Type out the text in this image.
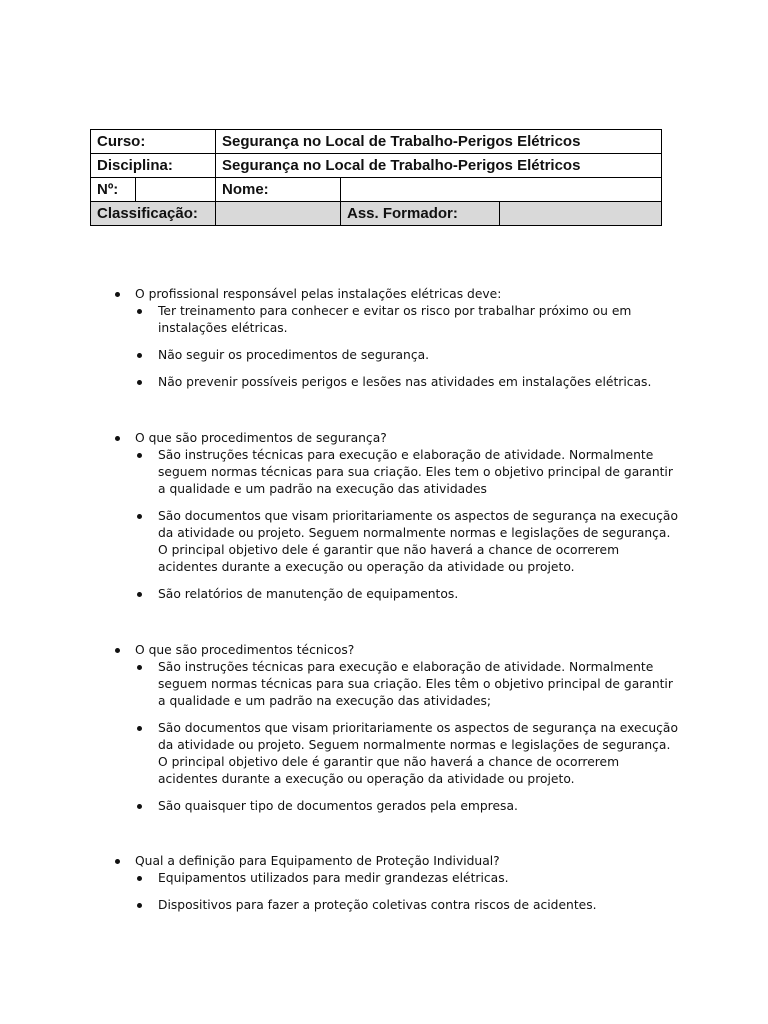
Curso:		Segurança no Local de Trabalho-Perigos Elétricos		
Disciplina:		Segurança no Local de Trabalho-Perigos Elétricos		
Nº:		Nome:		
Classificação:			Ass. Formador:	
O profissional responsável pelas instalações elétricas deve:
Ter treinamento para conhecer e evitar os risco por trabalhar próximo ou em instalações elétricas.
Não seguir os procedimentos de segurança.
Não prevenir possíveis perigos e lesões nas atividades em instalações elétricas.
O que são procedimentos de segurança?
São instruções técnicas para execução e elaboração de atividade. Normalmente seguem normas técnicas para sua criação. Eles tem o objetivo principal de garantir a qualidade e um padrão na execução das atividades
São documentos que visam prioritariamente os aspectos de segurança na execução da atividade ou projeto. Seguem normalmente normas e legislações de segurança. O principal objetivo dele é garantir que não haverá a chance de ocorrerem acidentes durante a execução ou operação da atividade ou projeto.
São relatórios de manutenção de equipamentos.
O que são procedimentos técnicos?
São instruções técnicas para execução e elaboração de atividade. Normalmente seguem normas técnicas para sua criação. Eles têm o objetivo principal de garantir a qualidade e um padrão na execução das atividades;
São documentos que visam prioritariamente os aspectos de segurança na execução da atividade ou projeto. Seguem normalmente normas e legislações de segurança. O principal objetivo dele é garantir que não haverá a chance de ocorrerem acidentes durante a execução ou operação da atividade ou projeto.
São quaisquer tipo de documentos gerados pela empresa.
Qual a definição para Equipamento de Proteção Individual?
Equipamentos utilizados para medir grandezas elétricas.
Dispositivos para fazer a proteção coletivas contra riscos de acidentes.
